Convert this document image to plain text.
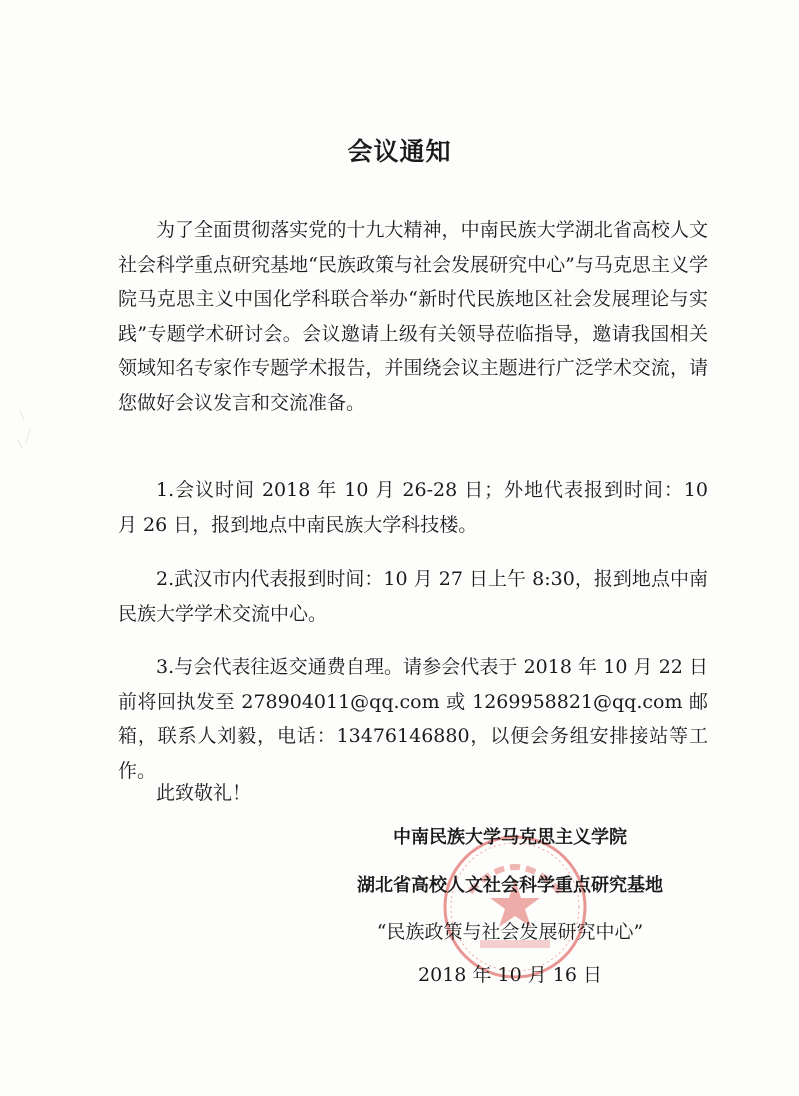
会议通知

为了全面贯彻落实党的十九大精神，中南民族大学湖北省高校人文社会科学重点研究基地“民族政策与社会发展研究中心”与马克思主义学院马克思主义中国化学科联合举办“新时代民族地区社会发展理论与实践”专题学术研讨会。会议邀请上级有关领导莅临指导，邀请我国相关领域知名专家作专题学术报告，并围绕会议主题进行广泛学术交流，请您做好会议发言和交流准备。

1.会议时间 2018 年 10 月 26-28 日；外地代表报到时间：10 月 26 日，报到地点中南民族大学科技楼。

2.武汉市内代表报到时间：10 月 27 日上午 8:30，报到地点中南民族大学学术交流中心。

3.与会代表往返交通费自理。请参会代表于 2018 年 10 月 22 日前将回执发至 278904011@qq.com 或 1269958821@qq.com 邮箱，联系人刘毅，电话：13476146880，以便会务组安排接站等工作。

此致敬礼！

中南民族大学马克思主义学院
湖北省高校人文社会科学重点研究基地
“民族政策与社会发展研究中心”
2018 年 10 月 16 日
